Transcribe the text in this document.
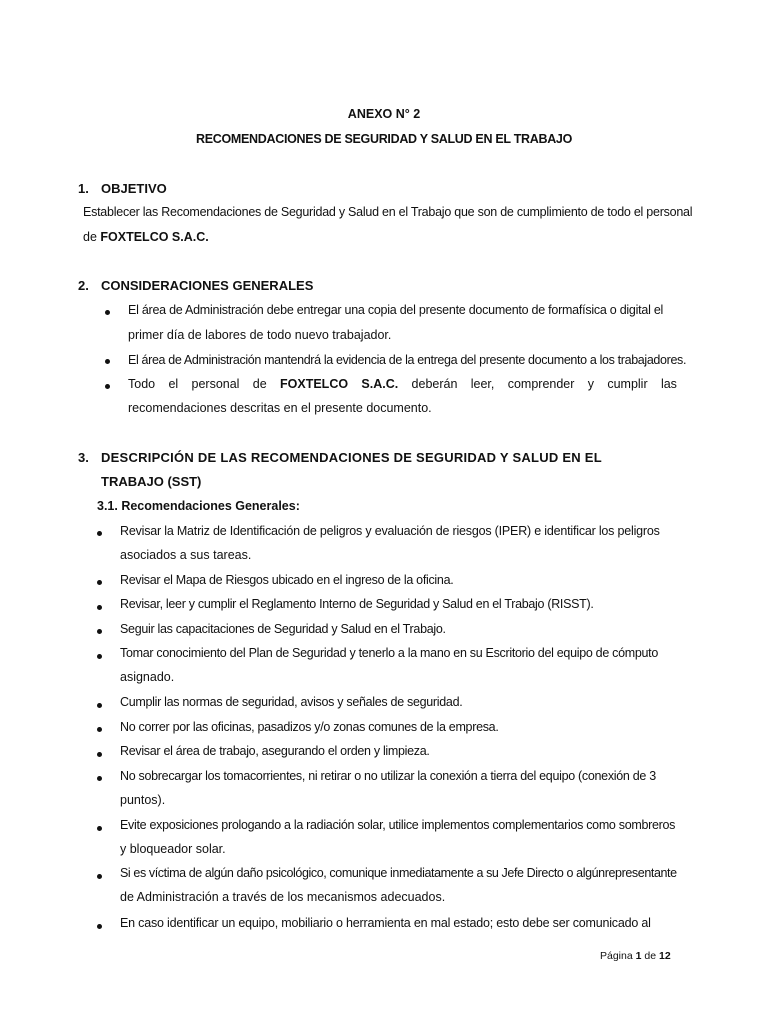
ANEXO N° 2
RECOMENDACIONES DE SEGURIDAD Y SALUD EN EL TRABAJO
1. OBJETIVO
Establecer las Recomendaciones de Seguridad y Salud en el Trabajo que son de cumplimiento de todo el personal
de FOXTELCO S.A.C.
2. CONSIDERACIONES GENERALES
El área de Administración debe entregar una copia del presente documento de formafísica o digital el
primer día de labores de todo nuevo trabajador.
El área de Administración mantendrá la evidencia de la entrega del presente documento a los trabajadores.
Todo el personal de FOXTELCO S.A.C. deberán leer, comprender y cumplir las
recomendaciones descritas en el presente documento.
3. DESCRIPCIÓN DE LAS RECOMENDACIONES DE SEGURIDAD Y SALUD EN EL
TRABAJO (SST)
3.1. Recomendaciones Generales:
Revisar la Matriz de Identificación de peligros y evaluación de riesgos (IPER) e identificar los peligros
asociados a sus tareas.
Revisar el Mapa de Riesgos ubicado en el ingreso de la oficina.
Revisar, leer y cumplir el Reglamento Interno de Seguridad y Salud en el Trabajo (RISST).
Seguir las capacitaciones de Seguridad y Salud en el Trabajo.
Tomar conocimiento del Plan de Seguridad y tenerlo a la mano en su Escritorio del equipo de cómputo
asignado.
Cumplir las normas de seguridad, avisos y señales de seguridad.
No correr por las oficinas, pasadizos y/o zonas comunes de la empresa.
Revisar el área de trabajo, asegurando el orden y limpieza.
No sobrecargar los tomacorrientes, ni retirar o no utilizar la conexión a tierra del equipo (conexión de 3
puntos).
Evite exposiciones prologando a la radiación solar, utilice implementos complementarios como sombreros
y bloqueador solar.
Si es víctima de algún daño psicológico, comunique inmediatamente a su Jefe Directo o algúnrepresentante
de Administración a través de los mecanismos adecuados.
En caso identificar un equipo, mobiliario o herramienta en mal estado; esto debe ser comunicado al
Página 1 de 12
